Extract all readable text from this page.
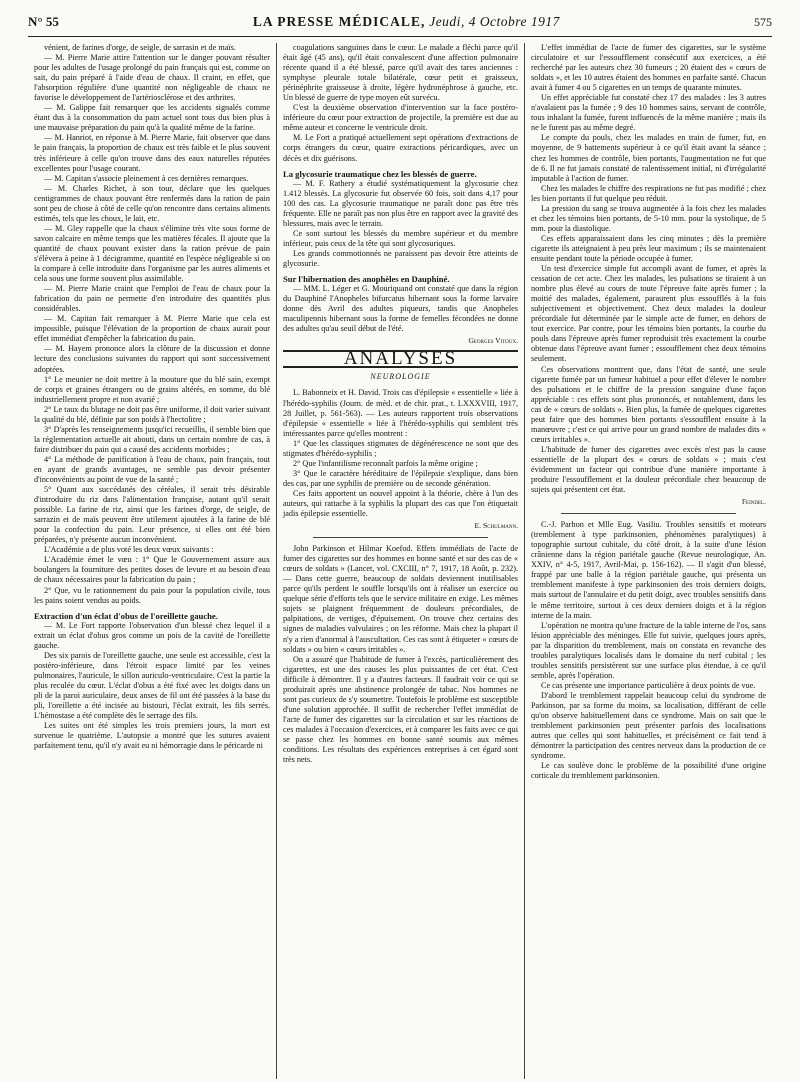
N° 55	LA PRESSE MÉDICALE, Jeudi, 4 Octobre 1917	575

vénient, de farines d'orge, de seigle, de sarrasin et de maïs.

— M. Pierre Marie attire l'attention sur le danger pouvant résulter pour les adultes de l'usage prolongé du pain français qui est, comme on sait, du pain préparé à l'aide d'eau de chaux. Il craint, en effet, que l'absorption régulière d'une quantité non négligeable de chaux ne favorise le développement de l'artériosclérose et des arthrites.

— M. Galippe fait remarquer que les accidents signalés comme étant dus à la consommation du pain actuel sont tous dus bien plus à une mauvaise préparation du pain qu'à la qualité même de la farine.

— M. Hanriot, en réponse à M. Pierre Marie, fait observer que dans le pain français, la proportion de chaux est très faible et le plus souvent très inférieure à celle qu'on trouve dans des eaux naturelles réputées excellentes pour l'usage courant.

— M. Capitan s'associe pleinement à ces dernières remarques.

— M. Charles Richet, à son tour, déclare que les quelques centigrammes de chaux pouvant être renfermés dans la ration de pain sont peu de chose à côté de celle qu'on rencontre dans certains aliments estimés, tels que les choux, le lait, etc.

— M. Gley rappelle que la chaux s'élimine très vite sous forme de savon calcaire en même temps que les matières fécales. Il ajoute que la quantité de chaux pouvant exister dans la ration prévue de pain s'élèvera à peine à 1 décigramme, quantité en l'espèce négligeable si on la compare à celle introduite dans l'organisme par les autres aliments et cela sous une forme souvent plus assimilable.

— M. Pierre Marie craint que l'emploi de l'eau de chaux pour la fabrication du pain ne permette d'en introduire des quantités plus considérables.

— M. Capitan fait remarquer à M. Pierre Marie que cela est impossible, puisque l'élévation de la proportion de chaux aurait pour effet immédiat d'empêcher la fabrication du pain.

— M. Hayem prononce alors la clôture de la discussion et donne lecture des conclusions suivantes du rapport qui sont successivement adoptées.

1° Le meunier ne doit mettre à la mouture que du blé sain, exempt de corps et graines étrangers ou de grains altérés, en somme, du blé industriellement propre et non avarié ;

2° Le taux du blutage ne doit pas être uniforme, il doit varier suivant la qualité du blé, définie par son poids à l'hectolitre ;

3° D'après les renseignements jusqu'ici recueillis, il semble bien que la réglementation actuelle ait abouti, dans un certain nombre de cas, à faire distribuer du pain qui a causé des accidents morbides ;

4° La méthode de panification à l'eau de chaux, pain français, tout en ayant de grands avantages, ne semble pas devoir présenter d'inconvénients au point de vue de la santé ;

5° Quant aux succédanés des céréales, il serait très désirable d'introduire du riz dans l'alimentation française, autant qu'il serait possible. La farine de riz, ainsi que les farines d'orge, de seigle, de sarrazin et de maïs peuvent être utilement ajoutées à la farine de blé pour la confection du pain. Leur présence, si elles ont été bien préparées, n'y présente aucun inconvénient.

L'Académie a de plus voté les deux vœux suivants :

L'Académie émet le vœu : 1° Que le Gouvernement assure aux boulangers la fourniture des petites doses de levure et au besoin d'eau de chaux nécessaires pour la fabrication du pain ;

2° Que, vu le rationnement du pain pour la population civile, tous les pains soient vendus au poids.

Extraction d'un éclat d'obus de l'oreillette gauche.

— M. Le Fort rapporte l'observation d'un blessé chez lequel il a extrait un éclat d'obus gros comme un pois de la cavité de l'oreillette gauche.

Des six parois de l'oreillette gauche, une seule est accessible, c'est la postéro-inférieure, dans l'étroit espace limité par les veines pulmonaires, l'auricule, le sillon auriculo-ventriculaire. C'est la partie la plus reculée du cœur. L'éclat d'obus a été fixé avec les doigts dans un pli de la paroi auriculaire, deux anses de fil ont été passées à la base du pli, l'oreillette a été incisée au bistouri, l'éclat extrait, les fils serrés. L'hémostase a été complète dès le serrage des fils.

Les suites ont été simples les trois premiers jours, la mort est survenue le quatrième. L'autopsie a montré que les sutures avaient parfaitement tenu, qu'il n'y avait eu ni hémorragie dans le péricarde ni

coagulations sanguines dans le cœur. Le malade a fléchi parce qu'il était âgé (45 ans), qu'il était convalescent d'une affection pulmonaire récente quand il a été blessé, parce qu'il avait des tares anciennes : symphyse pleurale totale bilatérale, cœur petit et graisseux, périnéphrite graisseuse à droite, légère hydronéphrose à gauche, etc. Un blessé de guerre de type moyen eût survécu.

C'est la deuxième observation d'intervention sur la face postéro-inférieure du cœur pour extraction de projectile, la première est due au même auteur et concerne le ventricule droit.

M. Le Fort a pratiqué actuellement sept opérations d'extractions de corps étrangers du cœur, quatre extractions péricardiques, avec un décès et dix guérisons.

La glycosurie traumatique chez les blessés de guerre.

— M. F. Rathery a étudié systématiquement la glycosurie chez 1.412 blessés. La glycosurie fut observée 60 fois, soit dans 4,17 pour 100 des cas. La glycosurie traumatique ne paraît donc pas être très fréquente. Elle ne paraît pas non plus être en rapport avec la gravité des blessures, mais avec le terrain.

Ce sont surtout les blessés du membre supérieur et du membre inférieur, puis ceux de la tête qui sont glycosuriques.

Les grands commotionnés ne paraissent pas devoir être atteints de glycosurie.

Sur l'hibernation des anophèles en Dauphiné.

— MM. L. Léger et G. Mouriquand ont constaté que dans la région du Dauphiné l'Anopheles bifurcatus hibernant sous la forme larvaire donne dès Avril des adultes piqueurs, tandis que Anopheles maculipennis hibernant sous la forme de femelles fécondées ne donne des adultes qu'au seuil début de l'été.

Georges Vitoux.
ANALYSES
NEUROLOGIE

L. Babonneix et H. David. Trois cas d'épilepsie « essentielle » liée à l'hérédo-syphilis (Journ. de méd. et de chir. prat., t. LXXXVIII, 1917, 28 Juillet, p. 561-563). — Les auteurs rapportent trois observations d'épilepsie « essentielle » liée à l'hérédo-syphilis qui semblent très intéressantes parce qu'elles montrent :

1° Que les classiques stigmates de dégénérescence ne sont que des stigmates d'hérédo-syphilis ;

2° Que l'infantilisme reconnaît parfois la même origine ;

3° Que le caractère héréditaire de l'épilepsie s'explique, dans bien des cas, par une syphilis de première ou de seconde génération.

Ces faits apportent un nouvel appoint à la théorie, chère à l'un des auteurs, qui rattache à la syphilis la plupart des cas que l'on étiquetait jadis épilepsie essentielle.

E. Schulmann.

John Parkinson et Hilmar Koefod. Effets immédiats de l'acte de fumer des cigarettes sur des hommes en bonne santé et sur des cas de « cœurs de soldats » (Lancet, vol. CXCIII, n° 7, 1917, 18 Août, p. 232). — Dans cette guerre, beaucoup de soldats deviennent inutilisables parce qu'ils perdent le souffle lorsqu'ils ont à réaliser un exercice ou quelque série d'efforts tels que le service militaire en exige. Les mêmes sujets se plaignent fréquemment de douleurs précordiales, de palpitations, de vertiges, d'épuisement. On trouve chez certains des signes de maladies valvulaires ; on les réforme. Mais chez la plupart il n'y a rien d'anormal à l'auscultation. Ces cas sont à étiqueter « cœurs de soldats » ou bien « cœurs irritables ».

On a assuré que l'habitude de fumer à l'excès, particulièrement des cigarettes, est une des causes les plus puissantes de cet état. C'est difficile à démontrer. Il y a d'autres facteurs. Il faudrait voir ce qui se produirait après une abstinence prolongée de tabac. Nos hommes ne sont pas curieux de s'y soumettre. Toutefois le problème est susceptible d'une solution approchée. Il suffit de rechercher l'effet immédiat de l'acte de fumer des cigarettes sur la circulation et sur les réactions de ces malades à l'occasion d'exercices, et à comparer les faits avec ce qui se passe chez les hommes en bonne santé soumis aux mêmes conditions. Les résultats des expériences entreprises à cet égard sont très nets.

L'effet immédiat de l'acte de fumer des cigarettes, sur le système circulatoire et sur l'essoufflement consécutif aux exercices, a été recherché par les auteurs chez 30 fumeurs ; 20 étaient des « cœurs de soldats », et les 10 autres étaient des hommes en parfaite santé. Chacun avait à fumer 4 ou 5 cigarettes en un temps de quarante minutes.

Un effet appréciable fut constaté chez 17 des malades : les 3 autres n'avalaient pas la fumée ; 9 des 10 hommes sains, servant de contrôle, tous inhalant la fumée, furent influencés de la même manière ; mais ils ne le furent pas au même degré.

Le compte du pouls, chez les malades en train de fumer, fut, en moyenne, de 9 battements supérieur à ce qu'il était avant la séance ; chez les hommes de contrôle, bien portants, l'augmentation ne fut que de 6. Il ne fut jamais constaté de ralentissement initial, ni d'irrégularité imputable à l'action de fumer.

Chez les malades le chiffre des respirations ne fut pas modifié ; chez les bien portants il fut quelque peu réduit.

La pression du sang se trouva augmentée à la fois chez les malades et chez les témoins bien portants, de 5-10 mm. pour la systolique, de 5 mm. pour la diastolique.

Ces effets apparaissaient dans les cinq minutes ; dès la première cigarette ils atteignaient à peu près leur maximum ; ils se maintenaient ensuite pendant toute la période occupée à fumer.

Un test d'exercice simple fut accompli avant de fumer, et après la cessation de cet acte. Chez les malades, les pulsations se tiraient à un nombre plus élevé au cours de toute l'épreuve faite après fumer ; la moitié des malades, également, paraurent plus essoufflés à la fois subjectivement et objectivement. Chez deux malades la douleur précordiale fut déterminée par le simple acte de fumer, en dehors de tout exercice. Par contre, pour les témoins bien portants, la courbe du pouls dans l'épreuve après fumer reproduisit très exactement la courbe obtenue dans l'épreuve avant fumer ; essoufflement chez deux témoins seulement.

Ces observations montrent que, dans l'état de santé, une seule cigarette fumée par un fumeur habituel a pour effet d'élever le nombre des pulsations et le chiffre de la pression sanguine d'une façon appréciable : ces effets sont plus prononcés, et notablement, dans les cas de « cœurs de soldats ». Bien plus, la fumée de quelques cigarettes peut faire que des hommes bien portants s'essoufflent ensuite à la manœuvre ; c'est ce qui arrive pour un grand nombre de malades dits « cœurs irritables ».

L'habitude de fumer des cigarettes avec excès n'est pas la cause essentielle de la plupart des « cœurs de soldats » ; mais c'est évidemment un facteur qui contribue d'une manière importante à produire l'essoufflement et la douleur précordiale chez beaucoup de sujets qui présentent cet état.

Feindel.

C.-J. Parhon et Mlle Eug. Vasiliu. Troubles sensitifs et moteurs (tremblement à type parkinsonien, phénomènes paralytiques) à topographie surtout cubitale, du côté droit, à la suite d'une lésion crânienne dans la région pariétale gauche (Revue neurologique, An. XXIV, n° 4-5, 1917, Avril-Mai, p. 156-162). — Il s'agit d'un blessé, frappé par une balle à la région pariétale gauche, qui présenta un tremblement manifeste à type parkinsonien des trois derniers doigts, mais surtout de l'annulaire et du petit doigt, avec troubles sensitifs dans le même territoire, surtout à ces deux derniers doigts et à la région interne de la main.

L'opération ne montra qu'une fracture de la table interne de l'os, sans lésion appréciable des méninges. Elle fut suivie, quelques jours après, par la disparition du tremblement, mais on constata en revanche des troubles paralytiques localisés dans le domaine du nerf cubital ; les troubles sensitifs persistèrent sur une surface plus étendue, à ce qu'il semble, après l'opération.

Ce cas présente une importance particulière à deux points de vue.

D'abord le tremblement rappelait beaucoup celui du syndrome de Parkinson, par sa forme du moins, sa localisation, différant de celle qu'on observe habituellement dans ce syndrome. Mais on sait que le tremblement parkinsonien peut présenter parfois des localisations autres que celles qui sont habituelles, et précisément ce fait tend à démontrer la participation des centres nerveux dans la production de ce syndrome.

Le cas soulève donc le problème de la possibilité d'une origine corticale du tremblement parkinsonien.
